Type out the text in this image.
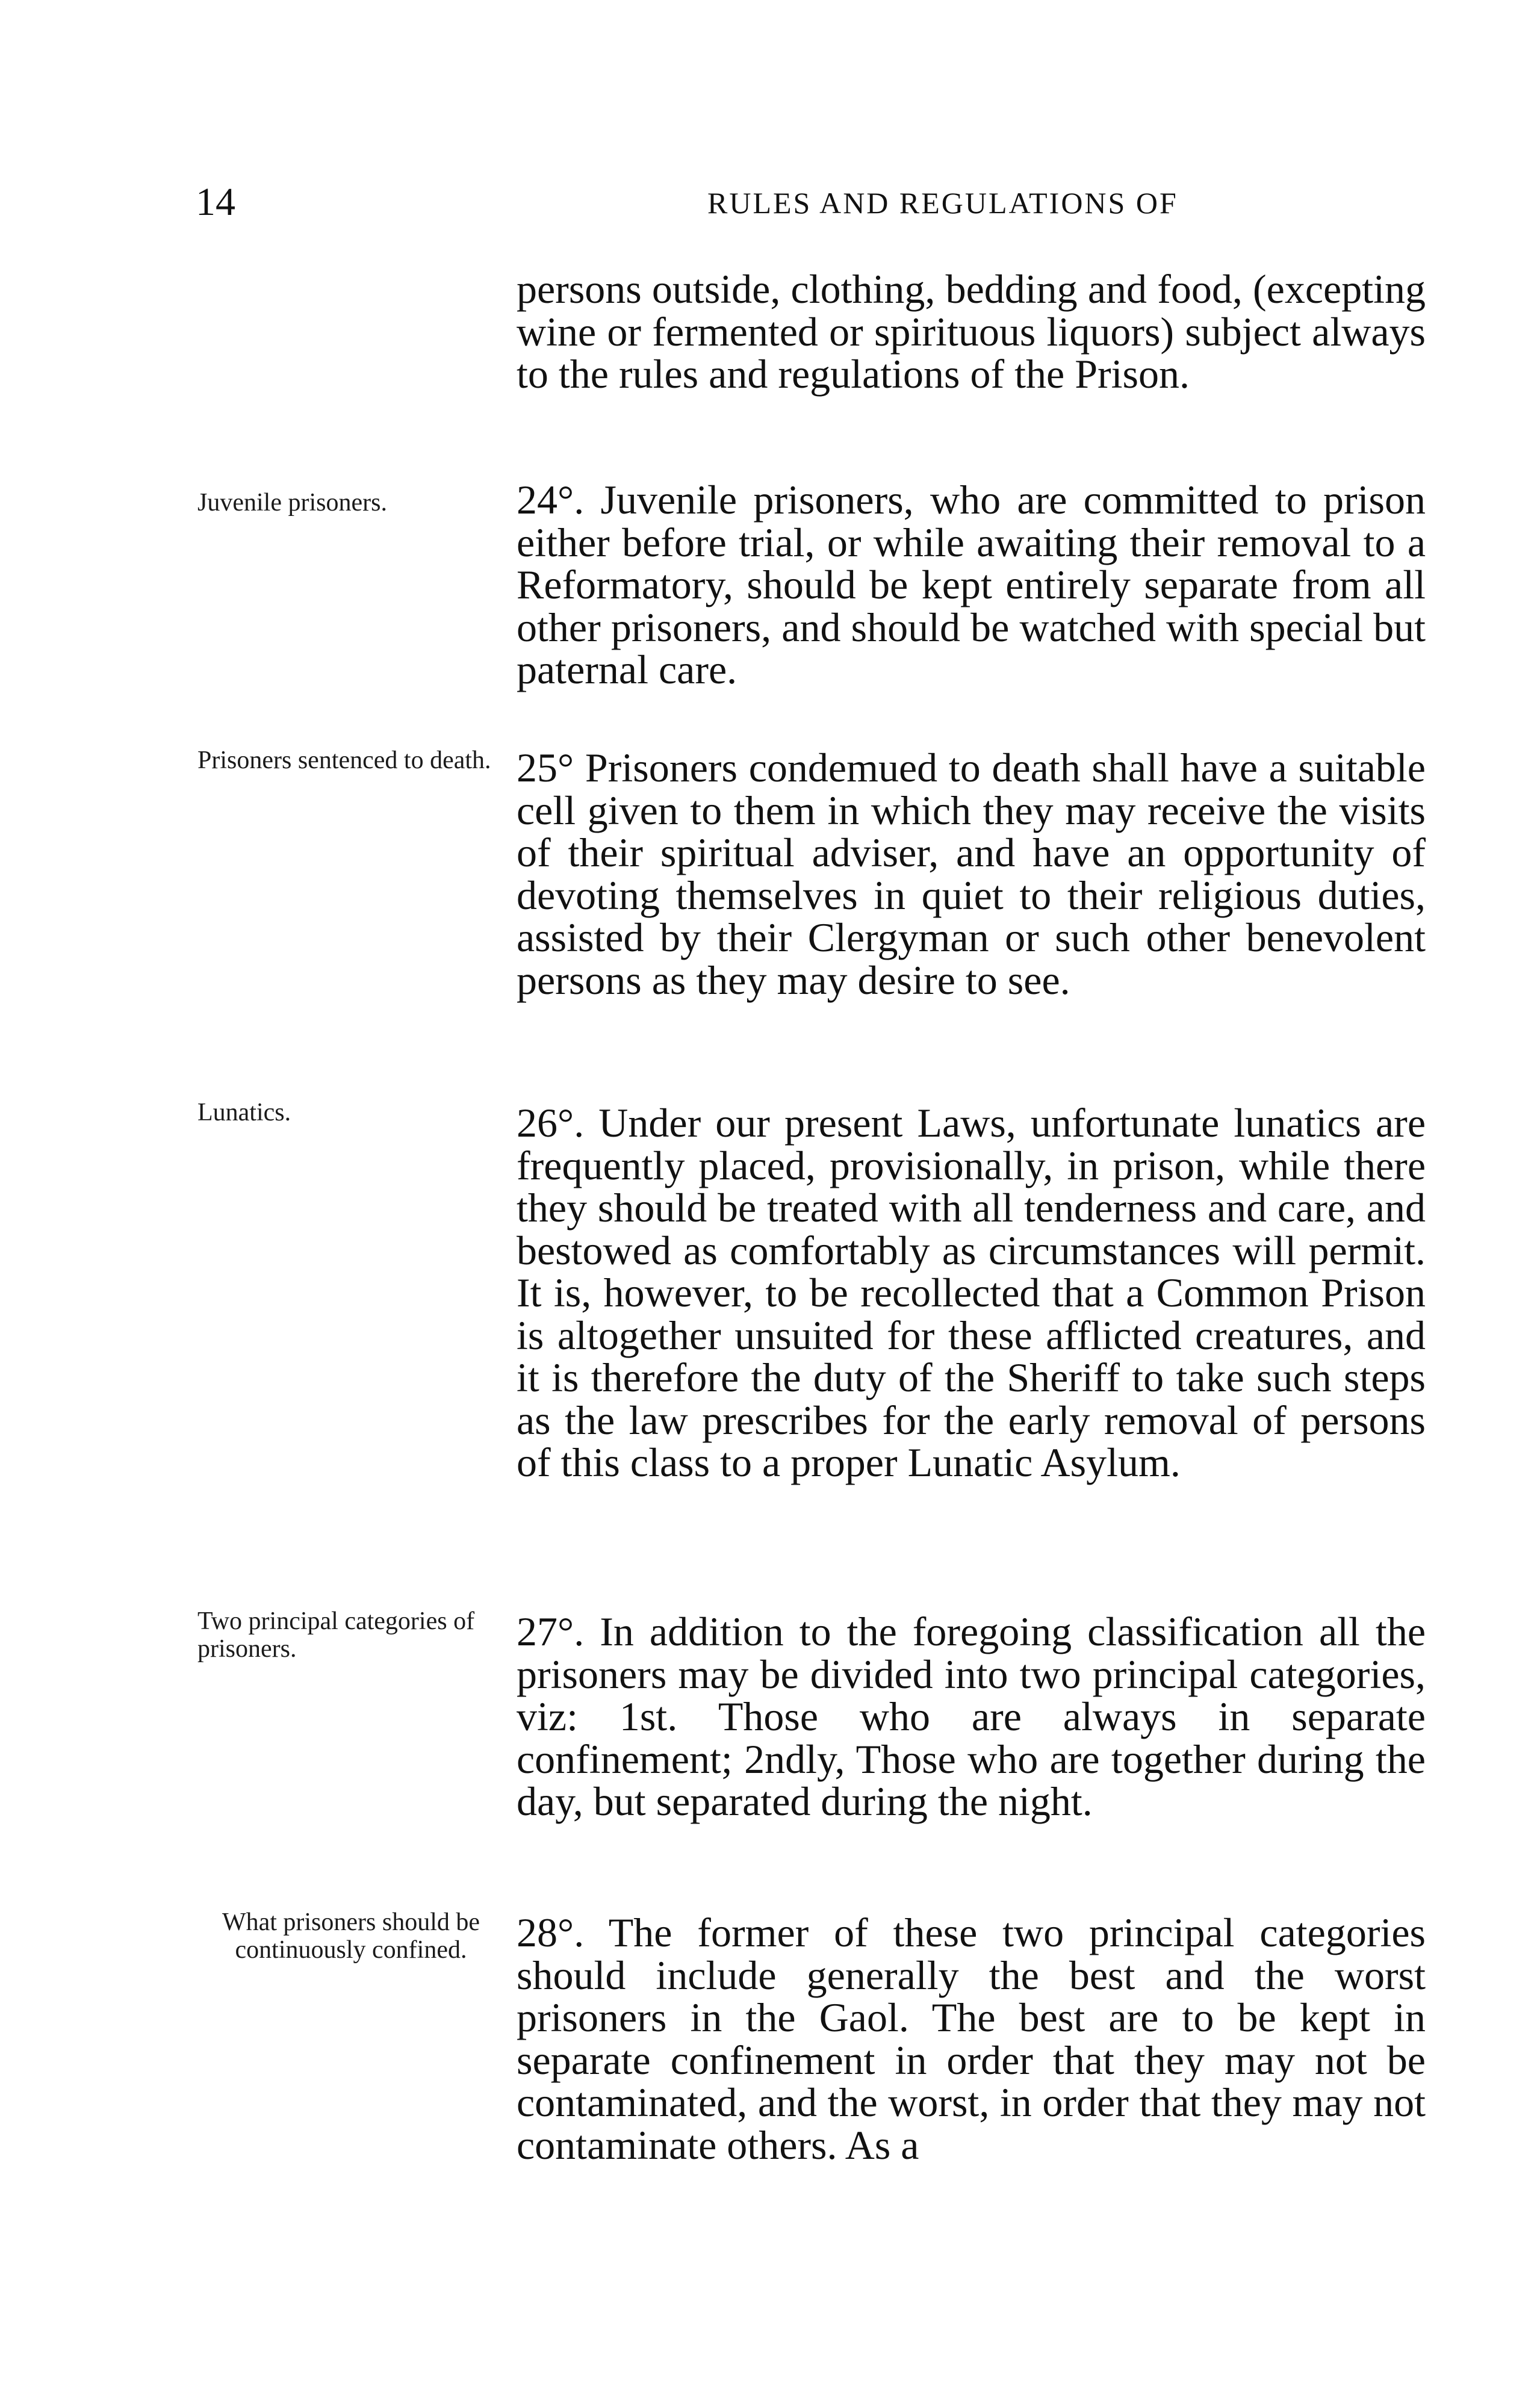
14	RULES AND REGULATIONS OF
persons outside, clothing, bedding and food, (excepting wine or fermented or spirituous liquors) subject always to the rules and regulations of the Prison.
Juvenile prisoners.	24°. Juvenile prisoners, who are committed to prison either before trial, or while awaiting their removal to a Reformatory, should be kept entirely separate from all other prisoners, and should be watched with special but paternal care.
Prisoners sentenced to death. 25° Prisoners condemued to death shall have a suitable cell given to them in which they may receive the visits of their spiritual adviser, and have an opportunity of devoting themselves in quiet to their religious duties, assisted by their Clergyman or such other benevolent persons as they may desire to see.
Lunatics.	26°. Under our present Laws, unfortunate lunatics are frequently placed, provisionally, in prison, while there they should be treated with all tenderness and care, and bestowed as comfortably as circumstances will permit. It is, however, to be recollected that a Common Prison is altogether unsuited for these afflicted creatures, and it is therefore the duty of the Sheriff to take such steps as the law prescribes for the early removal of persons of this class to a proper Lunatic Asylum.
Two principal categories of prisoners.	27°. In addition to the foregoing classification all the prisoners may be divided into two principal categories, viz: 1st. Those who are always in separate confinement; 2ndly, Those who are together during the day, but separated during the night.
What prisoners should be continuously confined.	28°. The former of these two principal categories should include generally the best and the worst prisoners in the Gaol. The best are to be kept in separate confinement in order that they may not be contaminated, and the worst, in order that they may not contaminate others. As a
